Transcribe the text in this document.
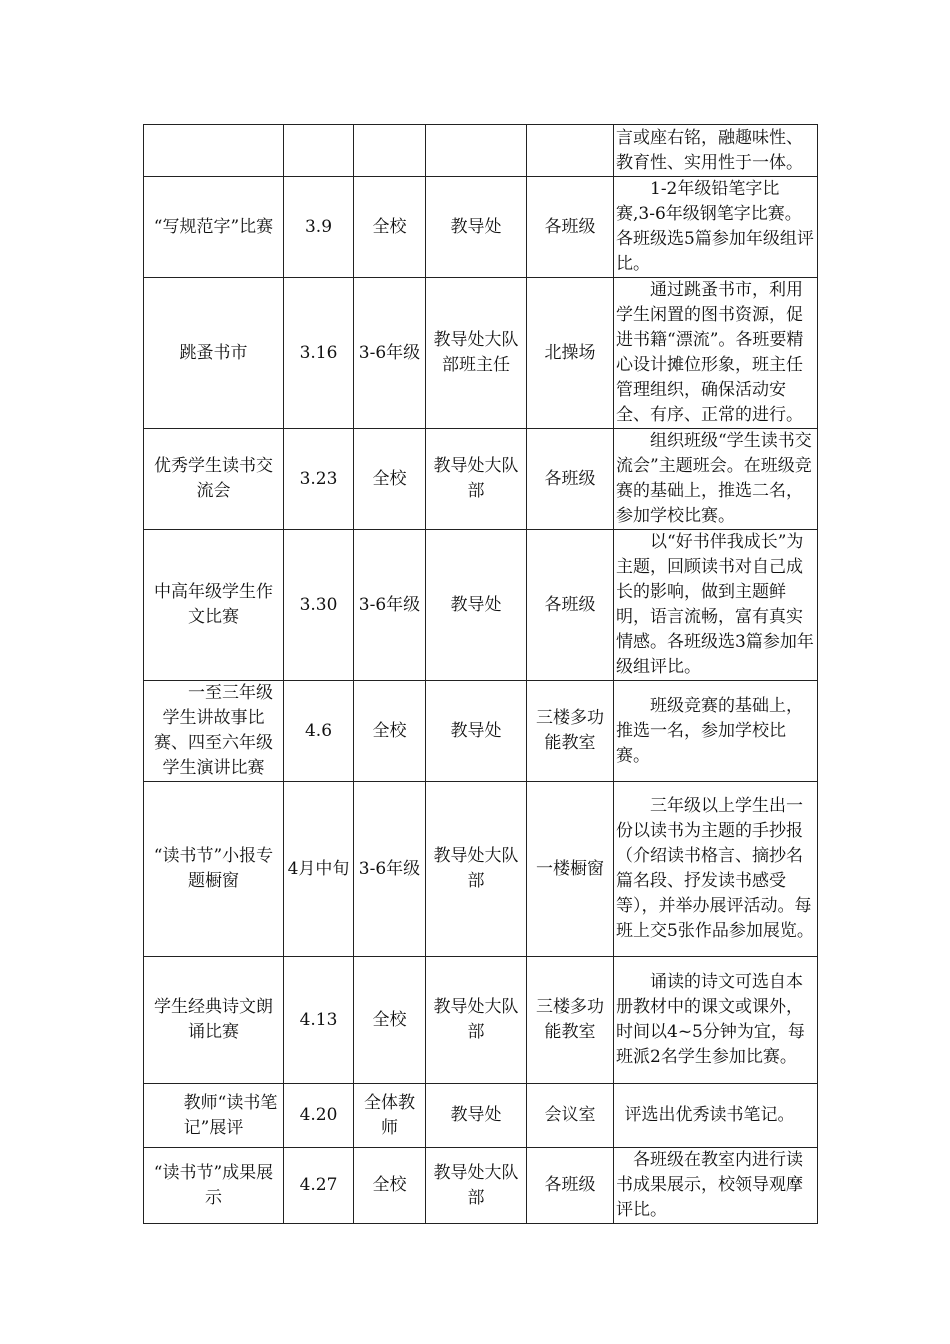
					言或座右铭，融趣味性、教育性、实用性于一体。
“写规范字”比赛	3.9	全校	教导处	各班级	1-2年级铅笔字比赛,3-6年级钢笔字比赛。各班级选5篇参加年级组评比。
跳蚤书市	3.16	3-6年级	教导处大队部班主任	北操场	通过跳蚤书市，利用学生闲置的图书资源，促进书籍“漂流”。各班要精心设计摊位形象，班主任管理组织，确保活动安全、有序、正常的进行。
优秀学生读书交流会	3.23	全校	教导处大队部	各班级	组织班级“学生读书交流会”主题班会。在班级竞赛的基础上，推选二名，参加学校比赛。
中高年级学生作文比赛	3.30	3-6年级	教导处	各班级	以“好书伴我成长”为主题，回顾读书对自己成长的影响，做到主题鲜明，语言流畅，富有真实情感。各班级选3篇参加年级组评比。
一至三年级学生讲故事比赛、四至六年级学生演讲比赛	4.6	全校	教导处	三楼多功能教室	班级竞赛的基础上，推选一名，参加学校比赛。
“读书节”小报专题橱窗	4月中旬	3-6年级	教导处大队部	一楼橱窗	三年级以上学生出一份以读书为主题的手抄报（介绍读书格言、摘抄名篇名段、抒发读书感受等），并举办展评活动。每班上交5张作品参加展览。
学生经典诗文朗诵比赛	4.13	全校	教导处大队部	三楼多功能教室	诵读的诗文可选自本册教材中的课文或课外，时间以4~5分钟为宜，每班派2名学生参加比赛。
教师“读书笔记”展评	4.20	全体教师	教导处	会议室	评选出优秀读书笔记。
“读书节”成果展示	4.27	全校	教导处大队部	各班级	各班级在教室内进行读书成果展示，校领导观摩评比。
